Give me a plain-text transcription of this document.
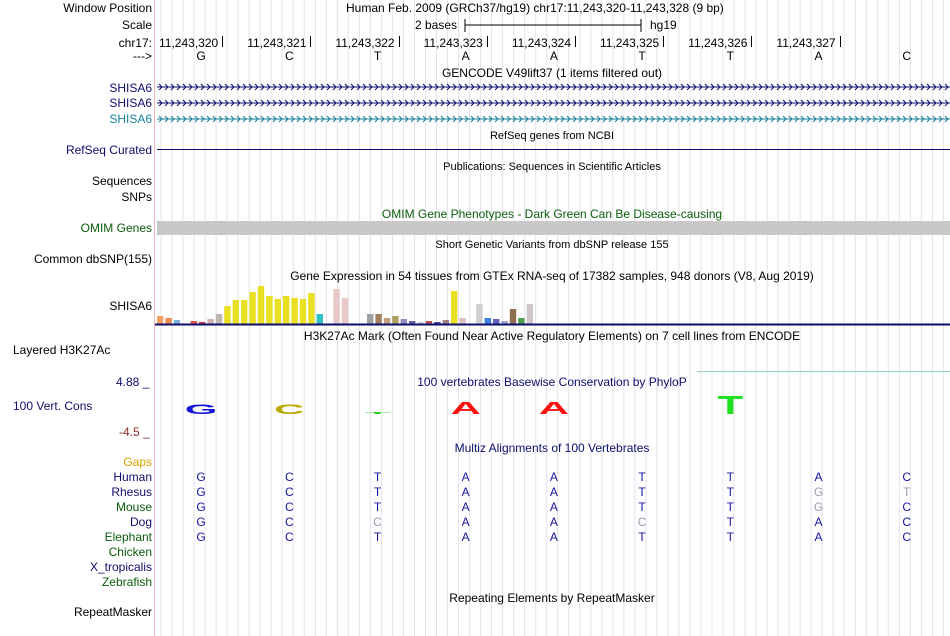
Window Position	Human Feb. 2009 (GRCh37/hg19) chr17:11,243,320-11,243,328 (9 bp)
Scale	2 bases	hg19
chr17: 11,243,320	11,243,321	11,243,322	11,243,323	11,243,324	11,243,325	11,243,326	11,243,327
--->	G	C	T	A	A	T	T	A	C
GENCODE V49lift37 (1 items filtered out)
SHISA6
SHISA6
SHISA6
RefSeq genes from NCBI
RefSeq Curated
Publications: Sequences in Scientific Articles
Sequences
SNPs
OMIM Gene Phenotypes - Dark Green Can Be Disease-causing
OMIM Genes
Short Genetic Variants from dbSNP release 155
Common dbSNP(155)
Gene Expression in 54 tissues from GTEx RNA-seq of 17382 samples, 948 donors (V8, Aug 2019)
SHISA6
H3K27Ac Mark (Often Found Near Active Regulatory Elements) on 7 cell lines from ENCODE
Layered H3K27Ac
4.88 _	100 vertebrates Basewise Conservation by PhyloP
100 Vert. Cons
-4.5 _
G	C	T	A	A	T
Multiz Alignments of 100 Vertebrates
Gaps
Human	G	C	T	A	A	T	T	A	C
Rhesus	G	C	T	A	A	T	T	G	T
Mouse	G	C	T	A	A	T	T	G	C
Dog	G	C	C	A	A	C	T	A	C
Elephant	G	C	T	A	A	T	T	A	C
Chicken
X_tropicalis
Zebrafish
Repeating Elements by RepeatMasker
RepeatMasker
